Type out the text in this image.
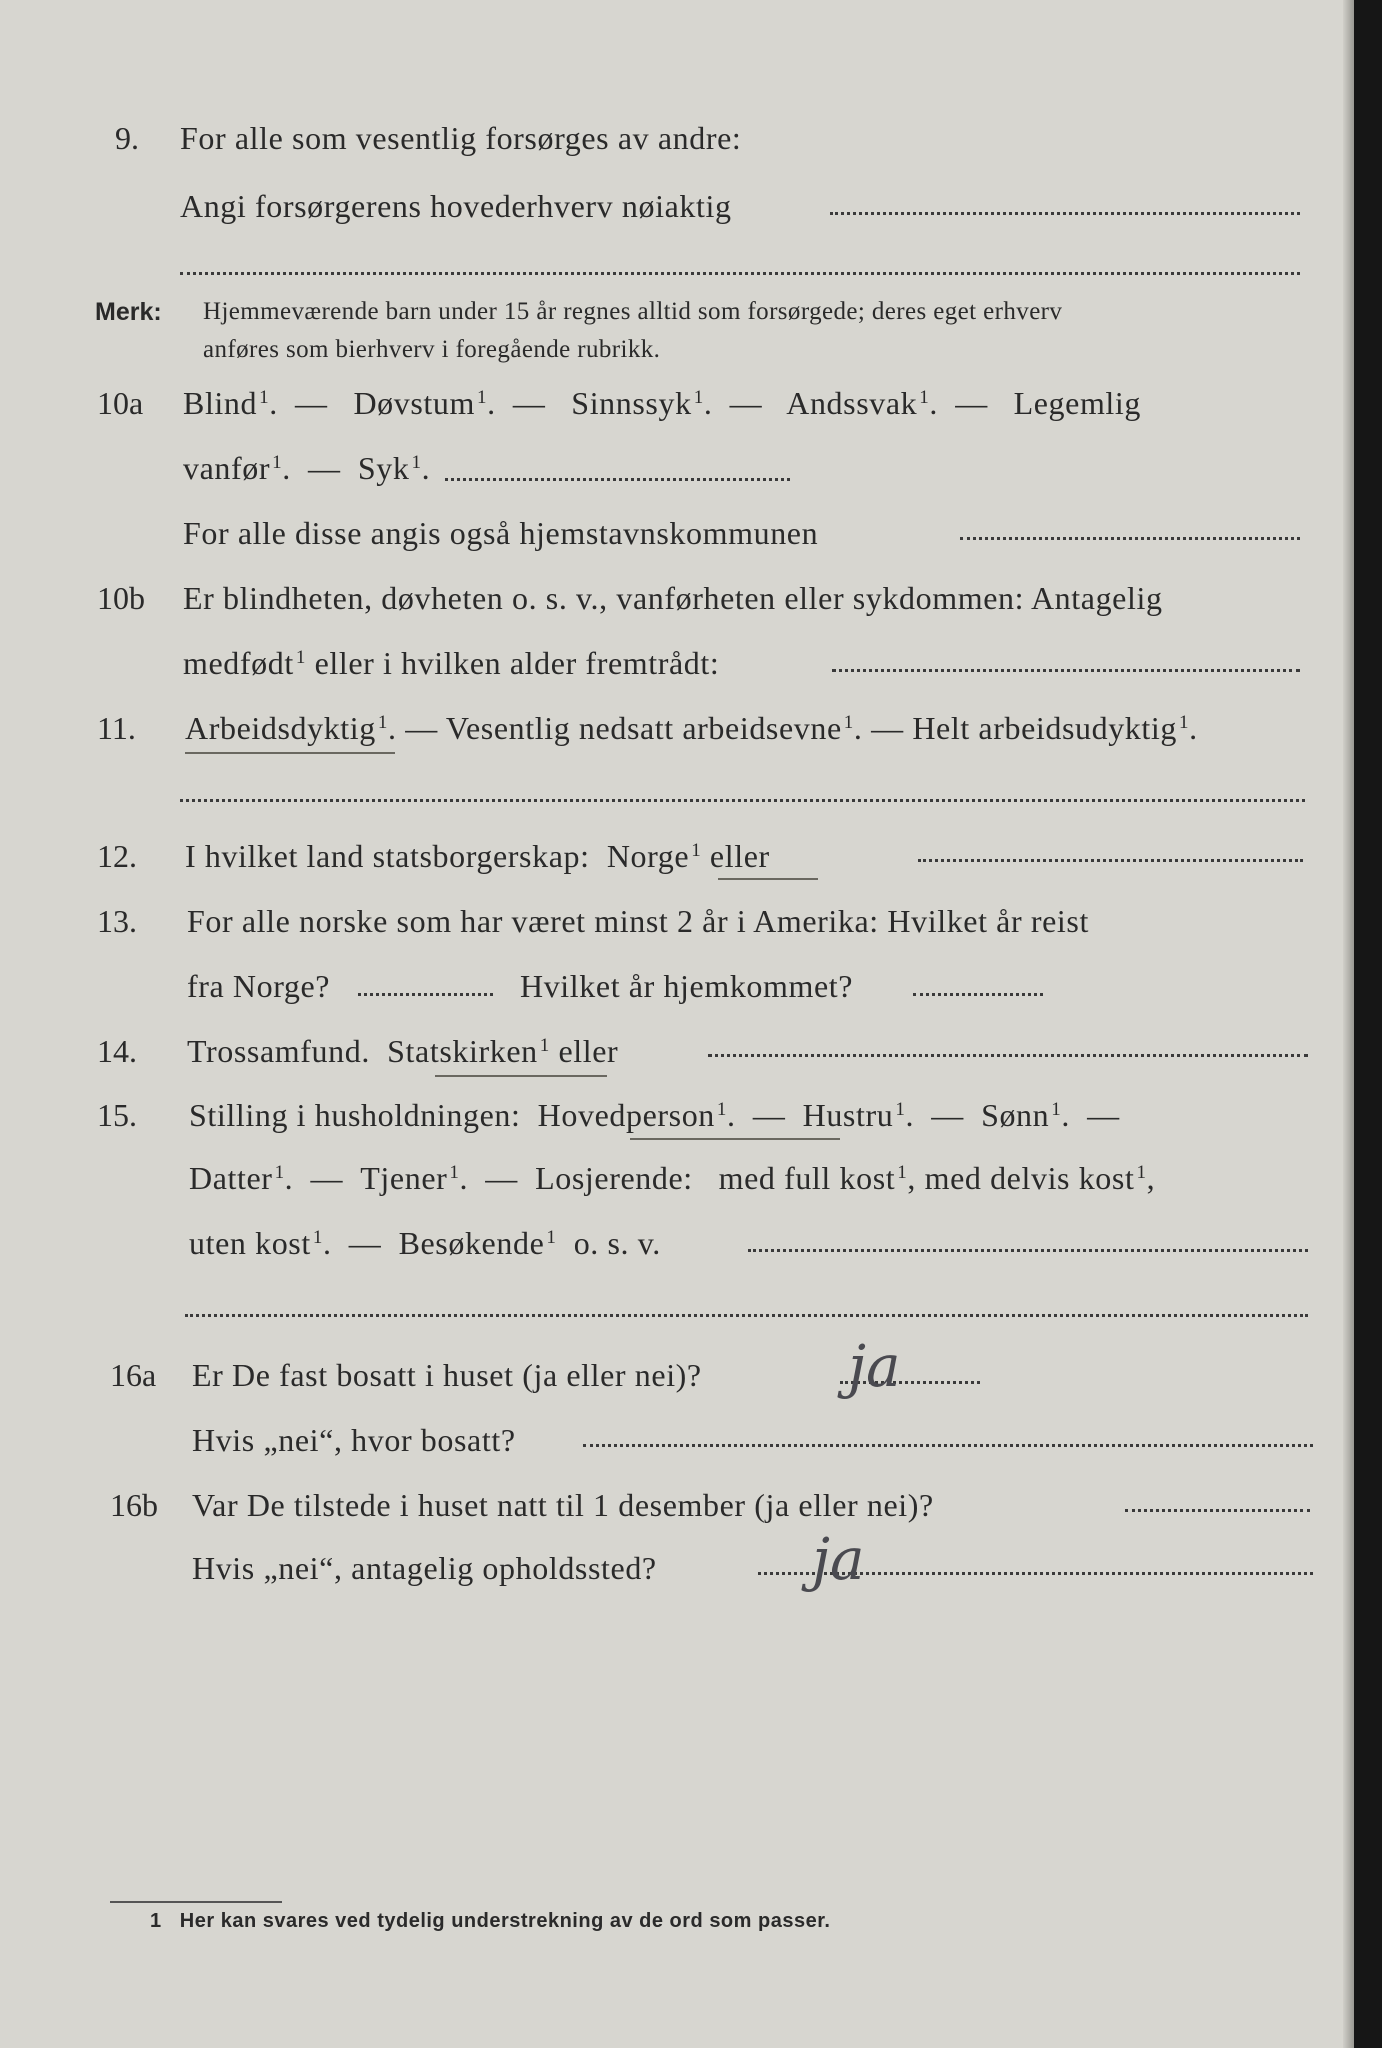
9. For alle som vesentlig forsørges av andre:
Angi forsørgerens hovederhverv nøiaktig
Merk: Hjemmeværende barn under 15 år regnes alltid som forsørgede; deres eget erhverv
anføres som bierhverv i foregående rubrikk.
10a Blind $^1$.  —   Døvstum $^1$.  —   Sinnssyk $^1$.  —   Andssvak $^1$.  —   Legemlig
vanfør $^1$.  —  Syk $^1$.
For alle disse angis også hjemstavnskommunen
10b Er blindheten, døvheten o. s. v., vanførheten eller sykdommen: Antagelig
medfødt $^1$ eller i hvilken alder fremtrådt:
11. Arbeidsdyktig $^1$. — Vesentlig nedsatt arbeidsevne $^1$. — Helt arbeidsudyktig $^1$.
12. I hvilket land statsborgerskap: Norge $^1$ eller
13. For alle norske som har været minst 2 år i Amerika: Hvilket år reist
fra Norge?	Hvilket år hjemkommet?
14. Trossamfund. Statskirken $^1$ eller
15. Stilling i husholdningen: Hovedperson $^1$.  —  Hustru $^1$.  —  Sønn $^1$.  —
Datter $^1$.  —  Tjener $^1$.  —  Losjerende: med full kost $^1$, med delvis kost $^1$,
uten kost $^1$.  —  Besøkende $^1$ o. s. v.
16a Er De fast bosatt i huset (ja eller nei)?	ja
Hvis „nei“, hvor bosatt?
16b Var De tilstede i huset natt til 1 desember (ja eller nei)?
Hvis „nei“, antagelig opholdssted?	ja
1 Her kan svares ved tydelig understrekning av de ord som passer.
